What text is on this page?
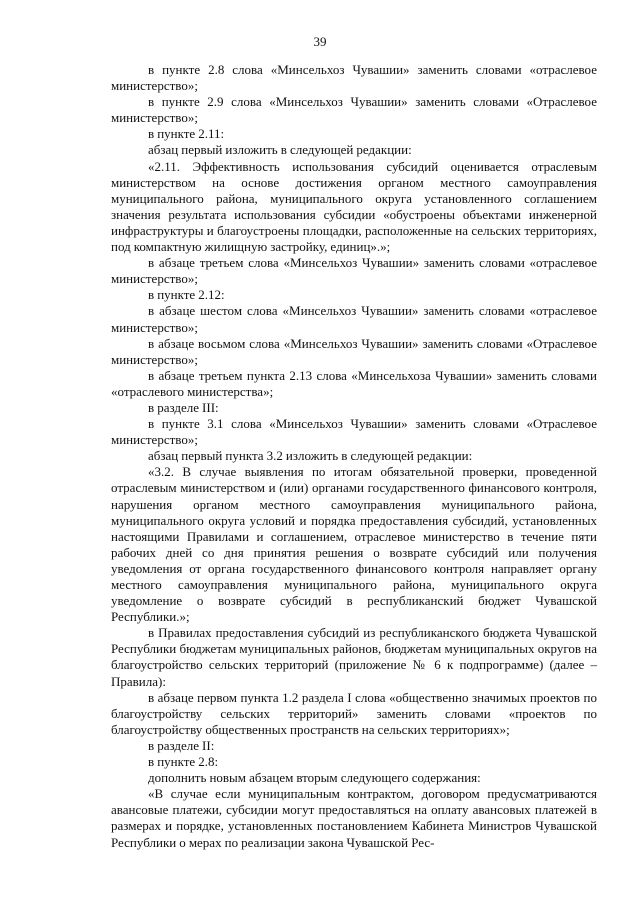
39

в пункте 2.8 слова «Минсельхоз Чувашии» заменить словами «отраслевое министерство»;

в пункте 2.9 слова «Минсельхоз Чувашии» заменить словами «Отраслевое министерство»;

в пункте 2.11:

абзац первый изложить в следующей редакции:

«2.11. Эффективность использования субсидий оценивается отраслевым министерством на основе достижения органом местного самоуправления муниципального района, муниципального округа установленного соглашением значения результата использования субсидии «обустроены объектами инженерной инфраструктуры и благоустроены площадки, расположенные на сельских территориях, под компактную жилищную застройку, единиц».»;

в абзаце третьем слова «Минсельхоз Чувашии» заменить словами «отраслевое министерство»;

в пункте 2.12:

в абзаце шестом слова «Минсельхоз Чувашии» заменить словами «отраслевое министерство»;

в абзаце восьмом слова «Минсельхоз Чувашии» заменить словами «Отраслевое министерство»;

в абзаце третьем пункта 2.13 слова «Минсельхоза Чувашии» заменить словами «отраслевого министерства»;

в разделе III:

в пункте 3.1 слова «Минсельхоз Чувашии» заменить словами «Отраслевое министерство»;

абзац первый пункта 3.2 изложить в следующей редакции:

«3.2. В случае выявления по итогам обязательной проверки, проведенной отраслевым министерством и (или) органами государственного финансового контроля, нарушения органом местного самоуправления муниципального района, муниципального округа условий и порядка предоставления субсидий, установленных настоящими Правилами и соглашением, отраслевое министерство в течение пяти рабочих дней со дня принятия решения о возврате субсидий или получения уведомления от органа государственного финансового контроля направляет органу местного самоуправления муниципального района, муниципального округа уведомление о возврате субсидий в республиканский бюджет Чувашской Республики.»;

в Правилах предоставления субсидий из республиканского бюджета Чувашской Республики бюджетам муниципальных районов, бюджетам муниципальных округов на благоустройство сельских территорий (приложение № 6 к подпрограмме) (далее – Правила):

в абзаце первом пункта 1.2 раздела I слова «общественно значимых проектов по благоустройству сельских территорий» заменить словами «проектов по благоустройству общественных пространств на сельских территориях»;

в разделе II:

в пункте 2.8:

дополнить новым абзацем вторым следующего содержания:

«В случае если муниципальным контрактом, договором предусматриваются авансовые платежи, субсидии могут предоставляться на оплату авансовых платежей в размерах и порядке, установленных постановлением Кабинета Министров Чувашской Республики о мерах по реализации закона Чувашской Рес-
